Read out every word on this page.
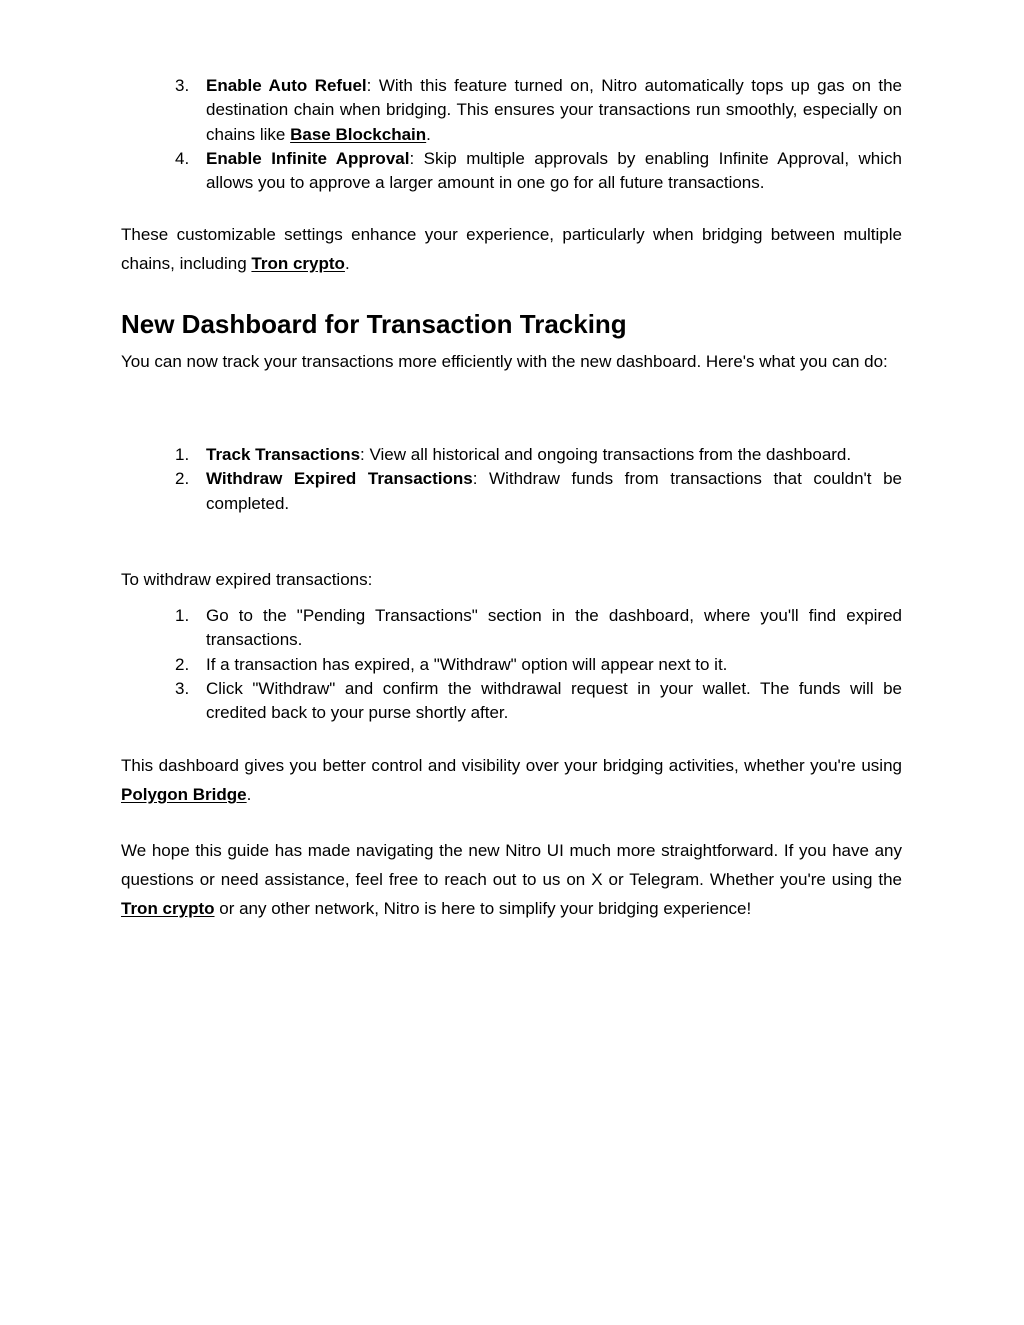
3. Enable Auto Refuel: With this feature turned on, Nitro automatically tops up gas on the destination chain when bridging. This ensures your transactions run smoothly, especially on chains like Base Blockchain.
4. Enable Infinite Approval: Skip multiple approvals by enabling Infinite Approval, which allows you to approve a larger amount in one go for all future transactions.

These customizable settings enhance your experience, particularly when bridging between multiple chains, including Tron crypto.

New Dashboard for Transaction Tracking

You can now track your transactions more efficiently with the new dashboard. Here's what you can do:

1. Track Transactions: View all historical and ongoing transactions from the dashboard.
2. Withdraw Expired Transactions: Withdraw funds from transactions that couldn't be completed.

To withdraw expired transactions:

1. Go to the "Pending Transactions" section in the dashboard, where you'll find expired transactions.
2. If a transaction has expired, a "Withdraw" option will appear next to it.
3. Click "Withdraw" and confirm the withdrawal request in your wallet. The funds will be credited back to your purse shortly after.

This dashboard gives you better control and visibility over your bridging activities, whether you're using Polygon Bridge.

We hope this guide has made navigating the new Nitro UI much more straightforward. If you have any questions or need assistance, feel free to reach out to us on X or Telegram. Whether you're using the Tron crypto or any other network, Nitro is here to simplify your bridging experience!
